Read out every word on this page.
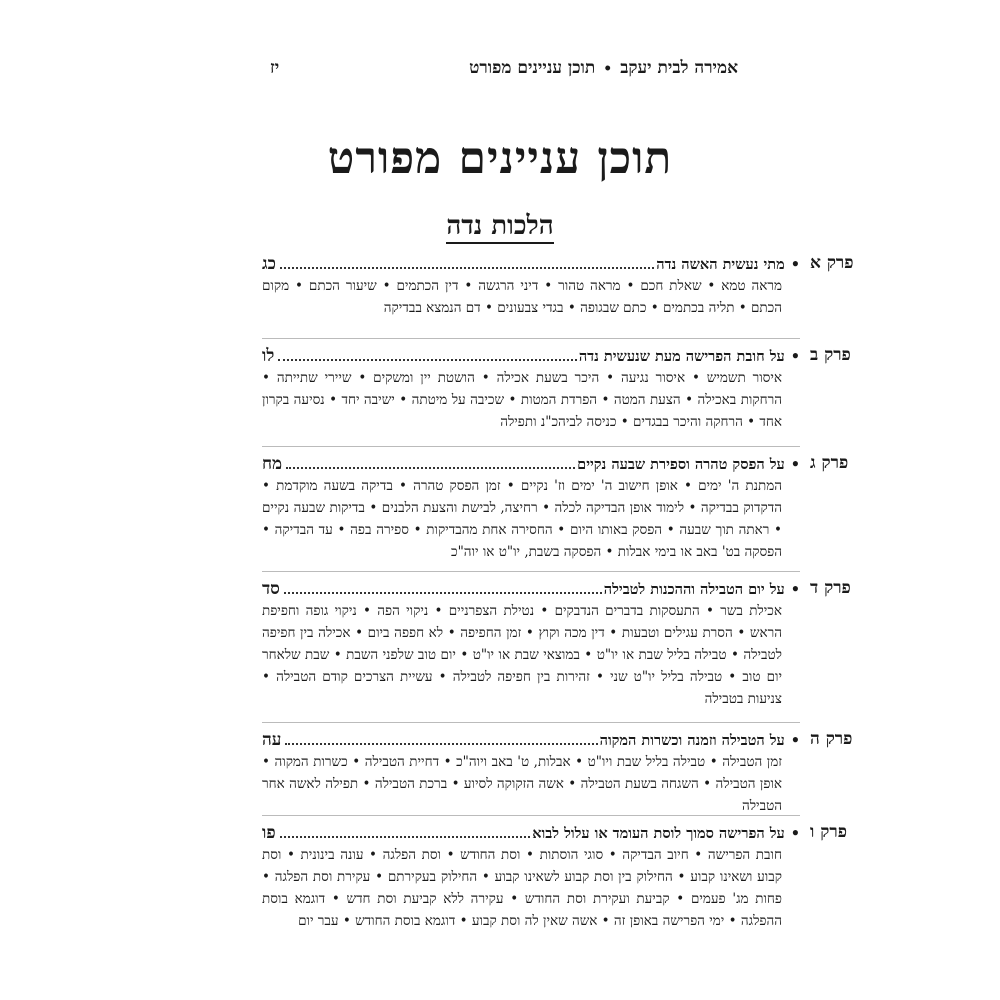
אמירה לבית יעקב
•
תוכן עניינים מפורט
יז
תוכן עניינים מפורט
הלכות נדה
פרק א
•
מתי נעשית האשה נדה
כג

מראה טמא • שאלת חכם • מראה טהור • דיני הרגשה • דין הכתמים • שיעור הכתם • מקום הכתם • תליה בכתמים • כתם שבגופה • בגדי צבעונים • דם הנמצא בבדיקה

פרק ב
•
על חובת הפרישה מעת שנעשית נדה
לו

איסור תשמיש • איסור נגיעה • היכר בשעת אכילה • הושטת יין ומשקים • שיירי שתייתה • הרחקות באכילה • הצעת המטה • הפרדת המטות • שכיבה על מיטתה • ישיבה יחד • נסיעה בקרון אחד • הרחקה והיכר בבגדים • כניסה לביהכ"נ ותפילה

פרק ג
•
על הפסק טהרה וספירת שבעה נקיים
מח

המתנת ה' ימים • אופן חישוב ה' ימים וז' נקיים • זמן הפסק טהרה • בדיקה בשעה מוקדמת • הדקדוק בבדיקה • לימוד אופן הבדיקה לכלה • רחיצה, לבישת והצעת הלבנים • בדיקות שבעה נקיים • ראתה תוך שבעה • הפסק באותו היום • החסירה אחת מהבדיקות • ספירה בפה • עד הבדיקה • הפסקה בט' באב או בימי אבלות • הפסקה בשבת, יו"ט או יוה"כ

פרק ד
•
על יום הטבילה וההכנות לטבילה
סד

אכילת בשר • התעסקות בדברים הנדבקים • נטילת הצפרניים • ניקוי הפה • ניקוי גופה וחפיפת הראש • הסרת עגילים וטבעות • דין מכה וקוץ • זמן החפיפה • לא חפפה ביום • אכילה בין חפיפה לטבילה • טבילה בליל שבת או יו"ט • במוצאי שבת או יו"ט • יום טוב שלפני השבת • שבת שלאחר יום טוב • טבילה בליל יו"ט שני • זהירות בין חפיפה לטבילה • עשיית הצרכים קודם הטבילה • צניעות בטבילה

פרק ה
•
על הטבילה וזמנה וכשרות המקוה
עה

זמן הטבילה • טבילה בליל שבת ויו"ט • אבלות, ט' באב ויוה"כ • דחיית הטבילה • כשרות המקוה • אופן הטבילה • השגחה בשעת הטבילה • אשה הזקוקה לסיוע • ברכת הטבילה • תפילה לאשה אחר הטבילה

פרק ו
•
על הפרישה סמוך לוסת העומד או עלול לבוא
פו

חובת הפרישה • חיוב הבדיקה • סוגי הוסתות • וסת החודש • וסת הפלגה • עונה בינונית • וסת קבוע ושאינו קבוע • החילוק בין וסת קבוע לשאינו קבוע • החילוק בעקירתם • עקירת וסת הפלגה • פחות מג' פעמים • קביעת ועקירת וסת החודש • עקירה ללא קביעת וסת חדש • דוגמא בוסת ההפלגה • ימי הפרישה באופן זה • אשה שאין לה וסת קבוע • דוגמא בוסת החודש • עבר יום
